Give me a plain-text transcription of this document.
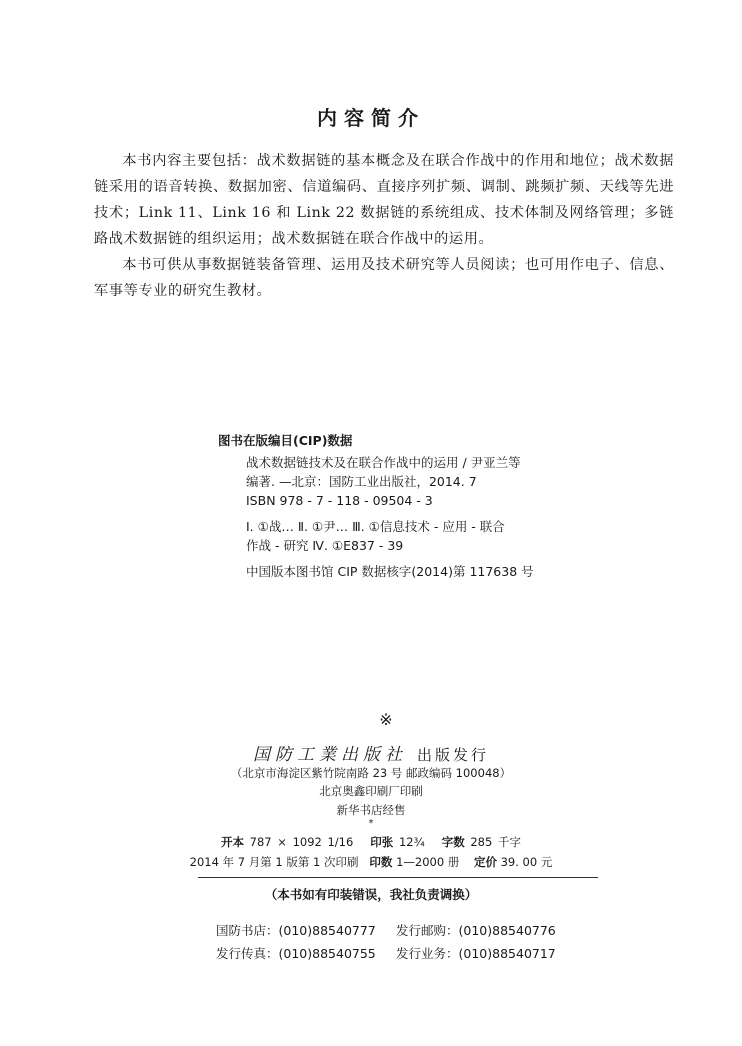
内容简介

本书内容主要包括：战术数据链的基本概念及在联合作战中的作用和地位；战术数据链采用的语音转换、数据加密、信道编码、直接序列扩频、调制、跳频扩频、天线等先进技术；Link 11、Link 16 和 Link 22 数据链的系统组成、技术体制及网络管理；多链路战术数据链的组织运用；战术数据链在联合作战中的运用。

本书可供从事数据链装备管理、运用及技术研究等人员阅读；也可用作电子、信息、军事等专业的研究生教材。

图书在版编目(CIP)数据
战术数据链技术及在联合作战中的运用 / 尹亚兰等
编著. —北京：国防工业出版社，2014. 7
ISBN 978 - 7 - 118 - 09504 - 3
Ⅰ. ①战… Ⅱ. ①尹… Ⅲ. ①信息技术 - 应用 - 联合
作战 - 研究 Ⅳ. ①E837 - 39
中国版本图书馆 CIP 数据核字(2014)第 117638 号
※
国防工業出版社 出版发行
（北京市海淀区紫竹院南路 23 号 邮政编码 100048）
北京奥鑫印刷厂印刷
新华书店经售
*
开本 787 × 1092 1/16 印张 12¾ 字数 285 千字
2014 年 7 月第 1 版第 1 次印刷 印数 1—2000 册 定价 39. 00 元
（本书如有印装错误，我社负责调换）
国防书店：(010)88540777	发行邮购：(010)88540776
发行传真：(010)88540755	发行业务：(010)88540717
